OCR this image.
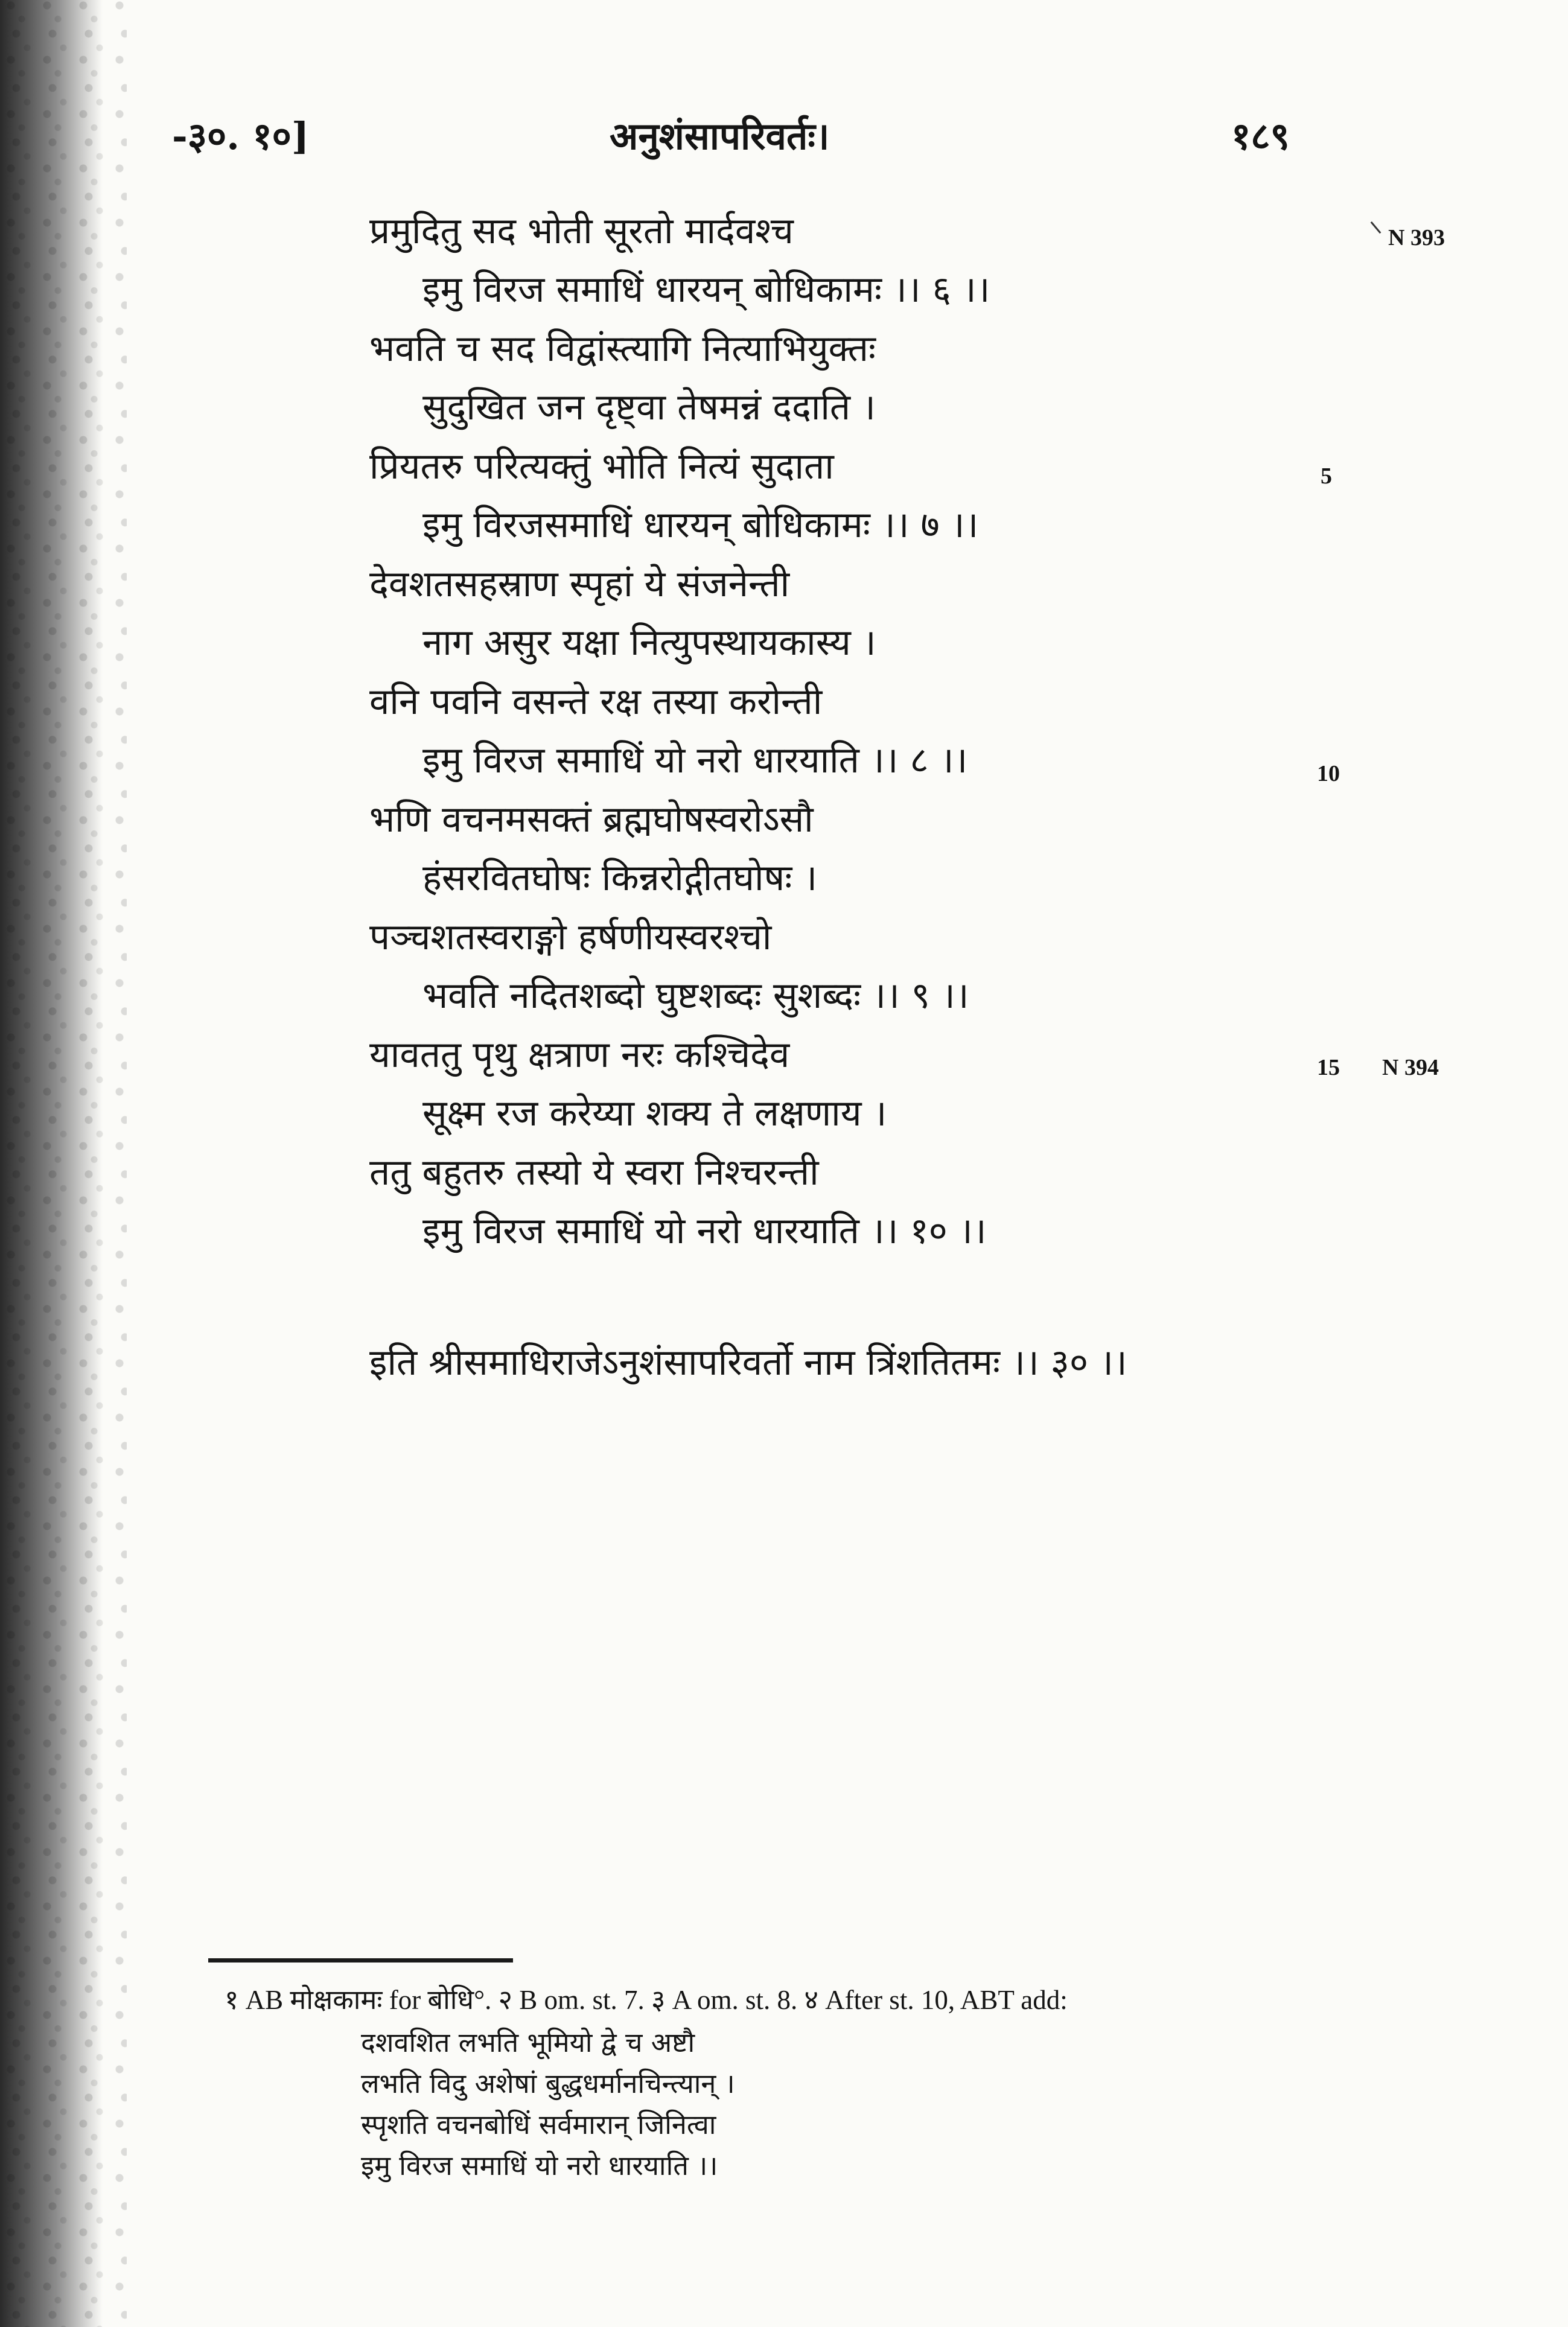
-३०. १०]	अनुशंसापरिवर्तः।	१८९
प्रमुदितु सद भोती सूरतो मार्दवश्च
इमु विरज समाधिं धारयन् बोधिकामः ।। ६ ।।
भवति च सद विद्वांस्त्यागि नित्याभियुक्तः
सुदुखित जन दृष्ट्वा तेषमन्नं ददाति ।
प्रियतरु परित्यक्तुं भोति नित्यं सुदाता
इमु विरजसमाधिं धारयन् बोधिकामः ।। ७ ।।
देवशतसहस्राण स्पृहां ये संजनेन्ती
नाग असुर यक्षा नित्युपस्थायकास्य ।
वनि पवनि वसन्ते रक्ष तस्या करोन्ती
इमु विरज समाधिं यो नरो धारयाति ।। ८ ।।
भणि वचनमसक्तं ब्रह्मघोषस्वरोऽसौ
हंसरवितघोषः किन्नरोद्गीतघोषः ।
पञ्चशतस्वराङ्गो हर्षणीयस्वरश्चो
भवति नदितशब्दो घुष्टशब्दः सुशब्दः ।। ९ ।।
यावततु पृथु क्षत्राण नरः कश्चिदेव
सूक्ष्म रज करेय्या शक्य ते लक्षणाय ।
ततु बहुतरु तस्यो ये स्वरा निश्चरन्ती
इमु विरज समाधिं यो नरो धारयाति ।। १० ।।
इति श्रीसमाधिराजेऽनुशंसापरिवर्तो नाम त्रिंशतितमः ।। ३० ।।
N 393
5
10
15 N 394
१ AB मोक्षकामः for बोधि°. २ B om. st. 7. ३ A om. st. 8. ४ After st. 10, ABT add:
दशवशित लभति भूमियो द्वे च अष्टौ
लभति विदु अशेषां बुद्धधर्मानचिन्त्यान् ।
स्पृशति वचनबोधिं सर्वमारान् जिनित्वा
इमु विरज समाधिं यो नरो धारयाति ।।
